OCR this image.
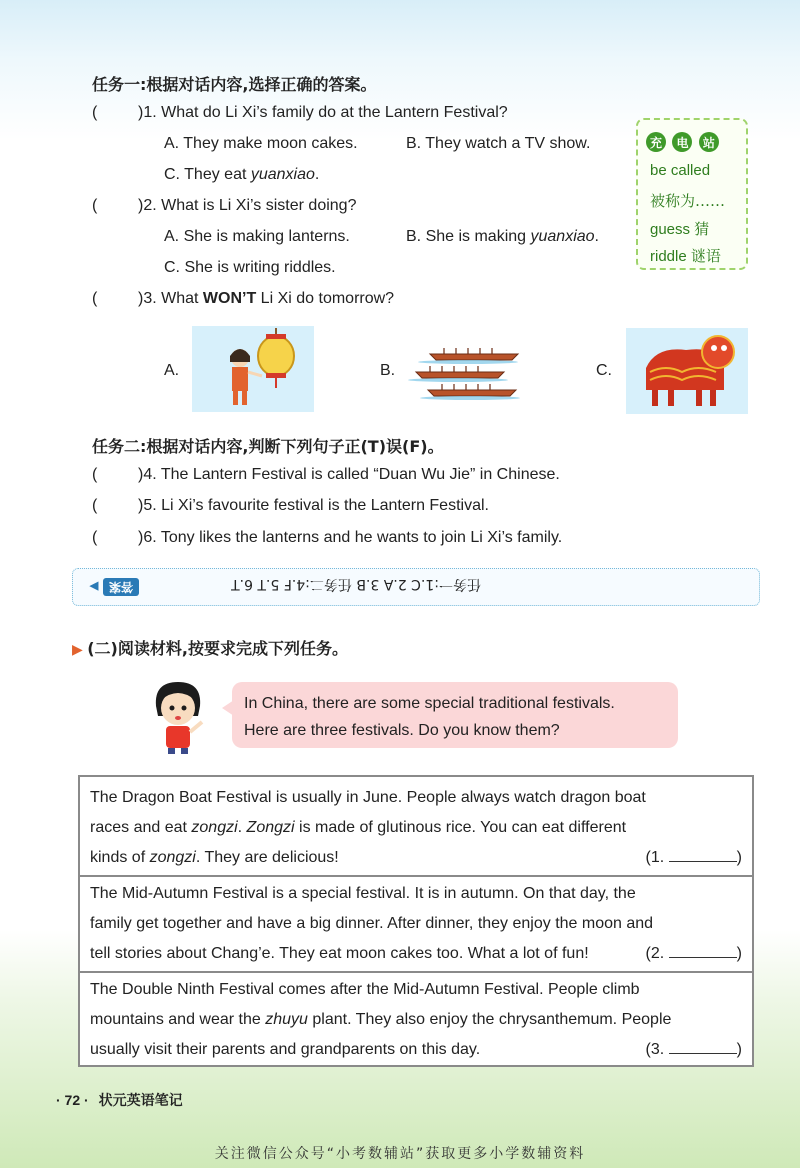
任务一:根据对话内容,选择正确的答案。
(	)1. What do Li Xi’s family do at the Lantern Festival?
A. They make moon cakes.	B. They watch a TV show.
C. They eat yuanxiao.
(	)2. What is Li Xi’s sister doing?
A. She is making lanterns.	B. She is making yuanxiao.
C. She is writing riddles.
(	)3. What WON’T Li Xi do tomorrow?
A.	B.	C.
充 电 站
be called
被称为……
guess 猜
riddle 谜语
任务二:根据对话内容,判断下列句子正(T)误(F)。
(	)4. The Lantern Festival is called “Duan Wu Jie” in Chinese.
(	)5. Li Xi’s favourite festival is the Lantern Festival.
(	)6. Tony likes the lanterns and he wants to join Li Xi’s family.
任务一:1.C 2.A 3.B 任务二:4.F 5.T 6.T
答案 ▶
▶ (二)阅读材料,按要求完成下列任务。
In China, there are some special traditional festivals.
Here are three festivals. Do you know them?
The Dragon Boat Festival is usually in June. People always watch dragon boat
races and eat zongzi. Zongzi is made of glutinous rice. You can eat different
kinds of zongzi. They are delicious!	(1.	)
The Mid-Autumn Festival is a special festival. It is in autumn. On that day, the
family get together and have a big dinner. After dinner, they enjoy the moon and
tell stories about Chang’e. They eat moon cakes too. What a lot of fun!	(2.	)
The Double Ninth Festival comes after the Mid-Autumn Festival. People climb
mountains and wear the zhuyu plant. They also enjoy the chrysanthemum. People
usually visit their parents and grandparents on this day.	(3.	)
· 72 · 状元英语笔记
关注微信公众号“小考数辅站”获取更多小学数辅资料
